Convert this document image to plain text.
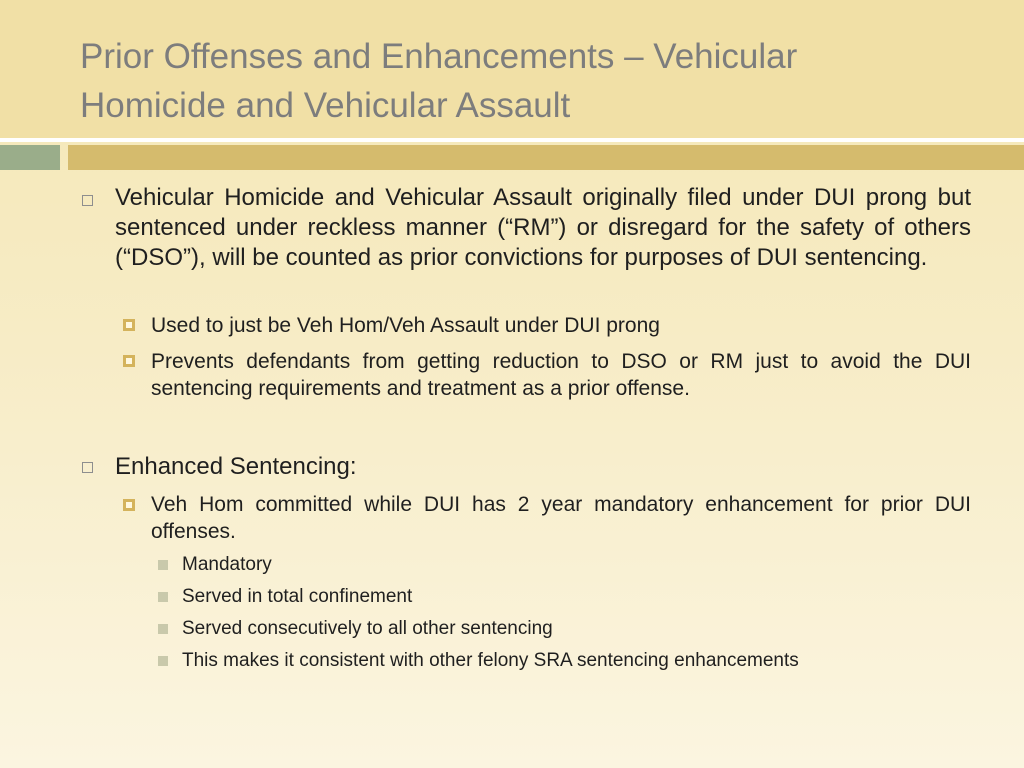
Prior Offenses and Enhancements – Vehicular
Homicide and Vehicular Assault
Vehicular Homicide and Vehicular Assault originally filed under DUI prong but sentenced under reckless manner (“RM”) or disregard for the safety of others (“DSO”), will be counted as prior convictions for purposes of DUI sentencing.
Used to just be Veh Hom/Veh Assault under DUI prong
Prevents defendants from getting reduction to DSO or RM just to avoid the DUI sentencing requirements and treatment as a prior offense.
Enhanced Sentencing:
Veh Hom committed while DUI has 2 year mandatory enhancement for prior DUI offenses.
Mandatory
Served in total confinement
Served consecutively to all other sentencing
This makes it consistent with other felony SRA sentencing enhancements
